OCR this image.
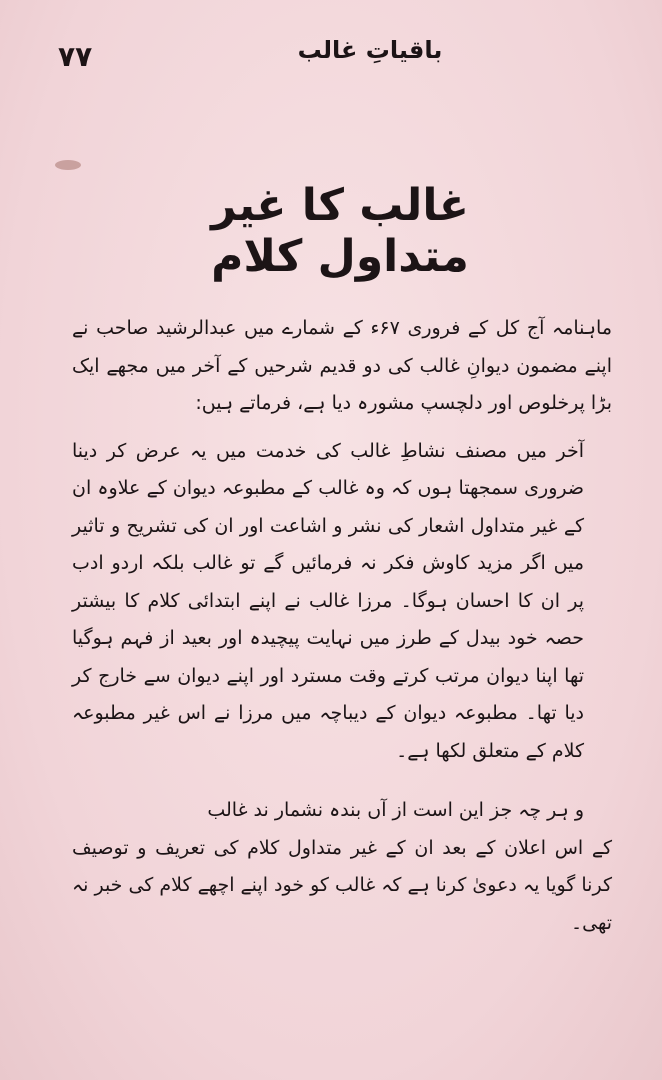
۷۷	باقیاتِ غالب
غالب کا غیر متداول کلام

ماہنامہ آج کل کے فروری ۶۷ء کے شمارے میں عبدالرشید صاحب نے اپنے مضمون دیوانِ غالب کی دو قدیم شرحیں کے آخر میں مجھے ایک بڑا پرخلوص اور دلچسپ مشورہ دیا ہے، فرماتے ہیں:

آخر میں مصنف نشاطِ غالب کی خدمت میں یہ عرض کر دینا ضروری سمجھتا ہوں کہ وہ غالب کے مطبوعہ دیوان کے علاوہ ان کے غیر متداول اشعار کی نشر و اشاعت اور ان کی تشریح و تاثیر میں اگر مزید کاوش فکر نہ فرمائیں گے تو غالب بلکہ اردو ادب پر ان کا احسان ہوگا۔ مرزا غالب نے اپنے ابتدائی کلام کا بیشتر حصہ خود بیدل کے طرز میں نہایت پیچیدہ اور بعید از فہم ہوگیا تھا اپنا دیوان مرتب کرتے وقت مسترد اور اپنے دیوان سے خارج کر دیا تھا۔ مطبوعہ دیوان کے دیباچہ میں مرزا نے اس غیر مطبوعہ کلام کے متعلق لکھا ہے۔

و ہر چہ جز این است از آں بندہ نشمار ند غالب

کے اس اعلان کے بعد ان کے غیر متداول کلام کی تعریف و توصیف کرنا گویا یہ دعویٰ کرنا ہے کہ غالب کو خود اپنے اچھے کلام کی خبر نہ تھی۔
